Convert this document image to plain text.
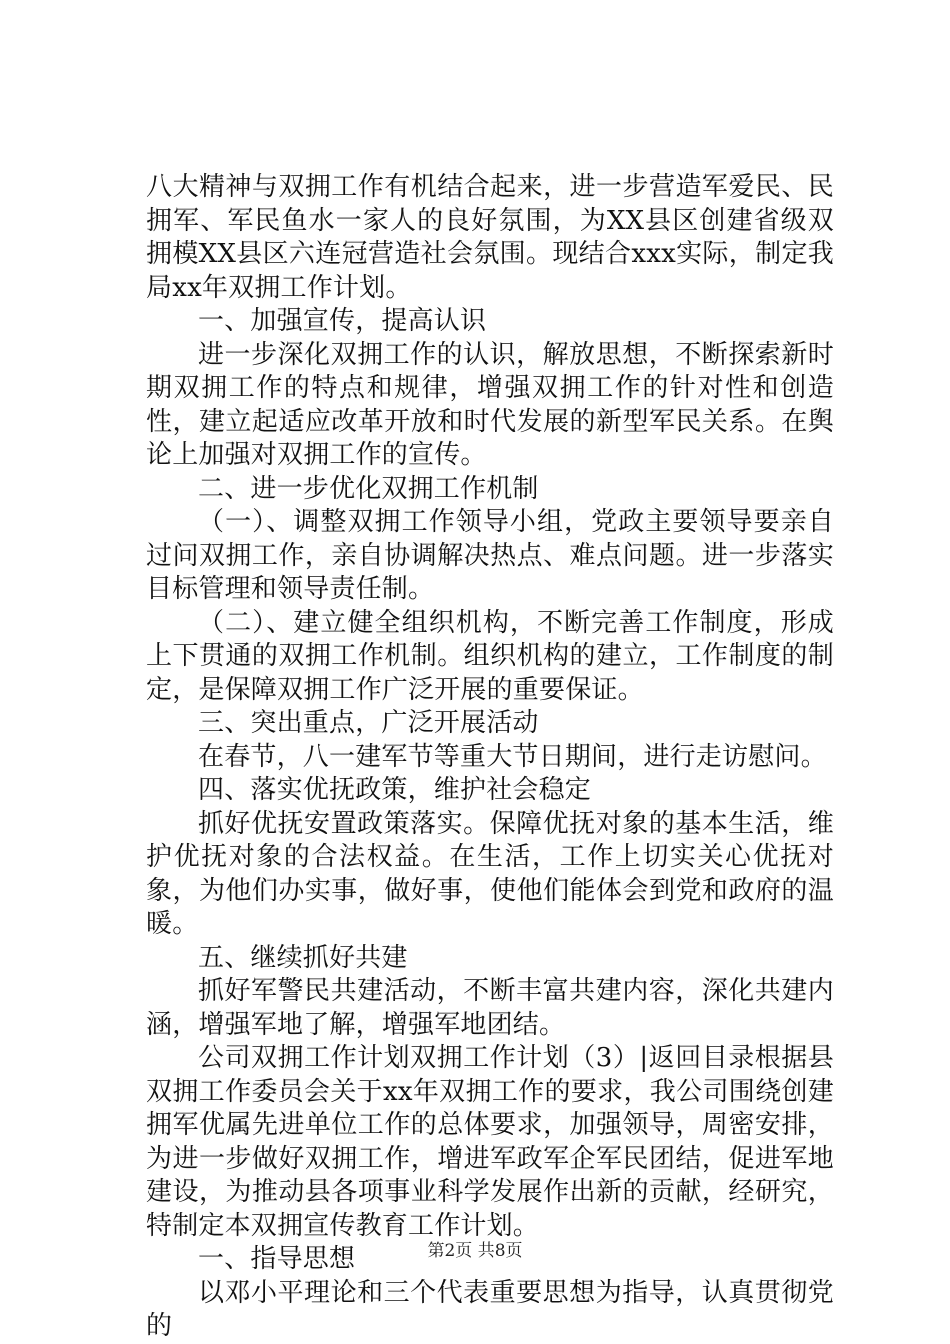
八大精神与双拥工作有机结合起来，进一步营造军爱民、民拥军、军民鱼水一家人的良好氛围，为XX县区创建省级双拥模XX县区六连冠营造社会氛围。现结合xxx实际，制定我局xx年双拥工作计划。

一、加强宣传，提高认识

进一步深化双拥工作的认识，解放思想，不断探索新时期双拥工作的特点和规律，增强双拥工作的针对性和创造性，建立起适应改革开放和时代发展的新型军民关系。在舆论上加强对双拥工作的宣传。

二、进一步优化双拥工作机制

（一）、调整双拥工作领导小组，党政主要领导要亲自过问双拥工作，亲自协调解决热点、难点问题。进一步落实目标管理和领导责任制。

（二）、建立健全组织机构，不断完善工作制度，形成上下贯通的双拥工作机制。组织机构的建立，工作制度的制定，是保障双拥工作广泛开展的重要保证。

三、突出重点，广泛开展活动

在春节，八一建军节等重大节日期间，进行走访慰问。

四、落实优抚政策，维护社会稳定

抓好优抚安置政策落实。保障优抚对象的基本生活，维护优抚对象的合法权益。在生活，工作上切实关心优抚对象，为他们办实事，做好事，使他们能体会到党和政府的温暖。

五、继续抓好共建

抓好军警民共建活动，不断丰富共建内容，深化共建内涵，增强军地了解，增强军地团结。

公司双拥工作计划双拥工作计划（3）|返回目录根据县双拥工作委员会关于xx年双拥工作的要求，我公司围绕创建拥军优属先进单位工作的总体要求，加强领导，周密安排，为进一步做好双拥工作，增进军政军企军民团结，促进军地建设，为推动县各项事业科学发展作出新的贡献，经研究，特制定本双拥宣传教育工作计划。

一、指导思想

以邓小平理论和三个代表重要思想为指导，认真贯彻党的

第2页 共8页
